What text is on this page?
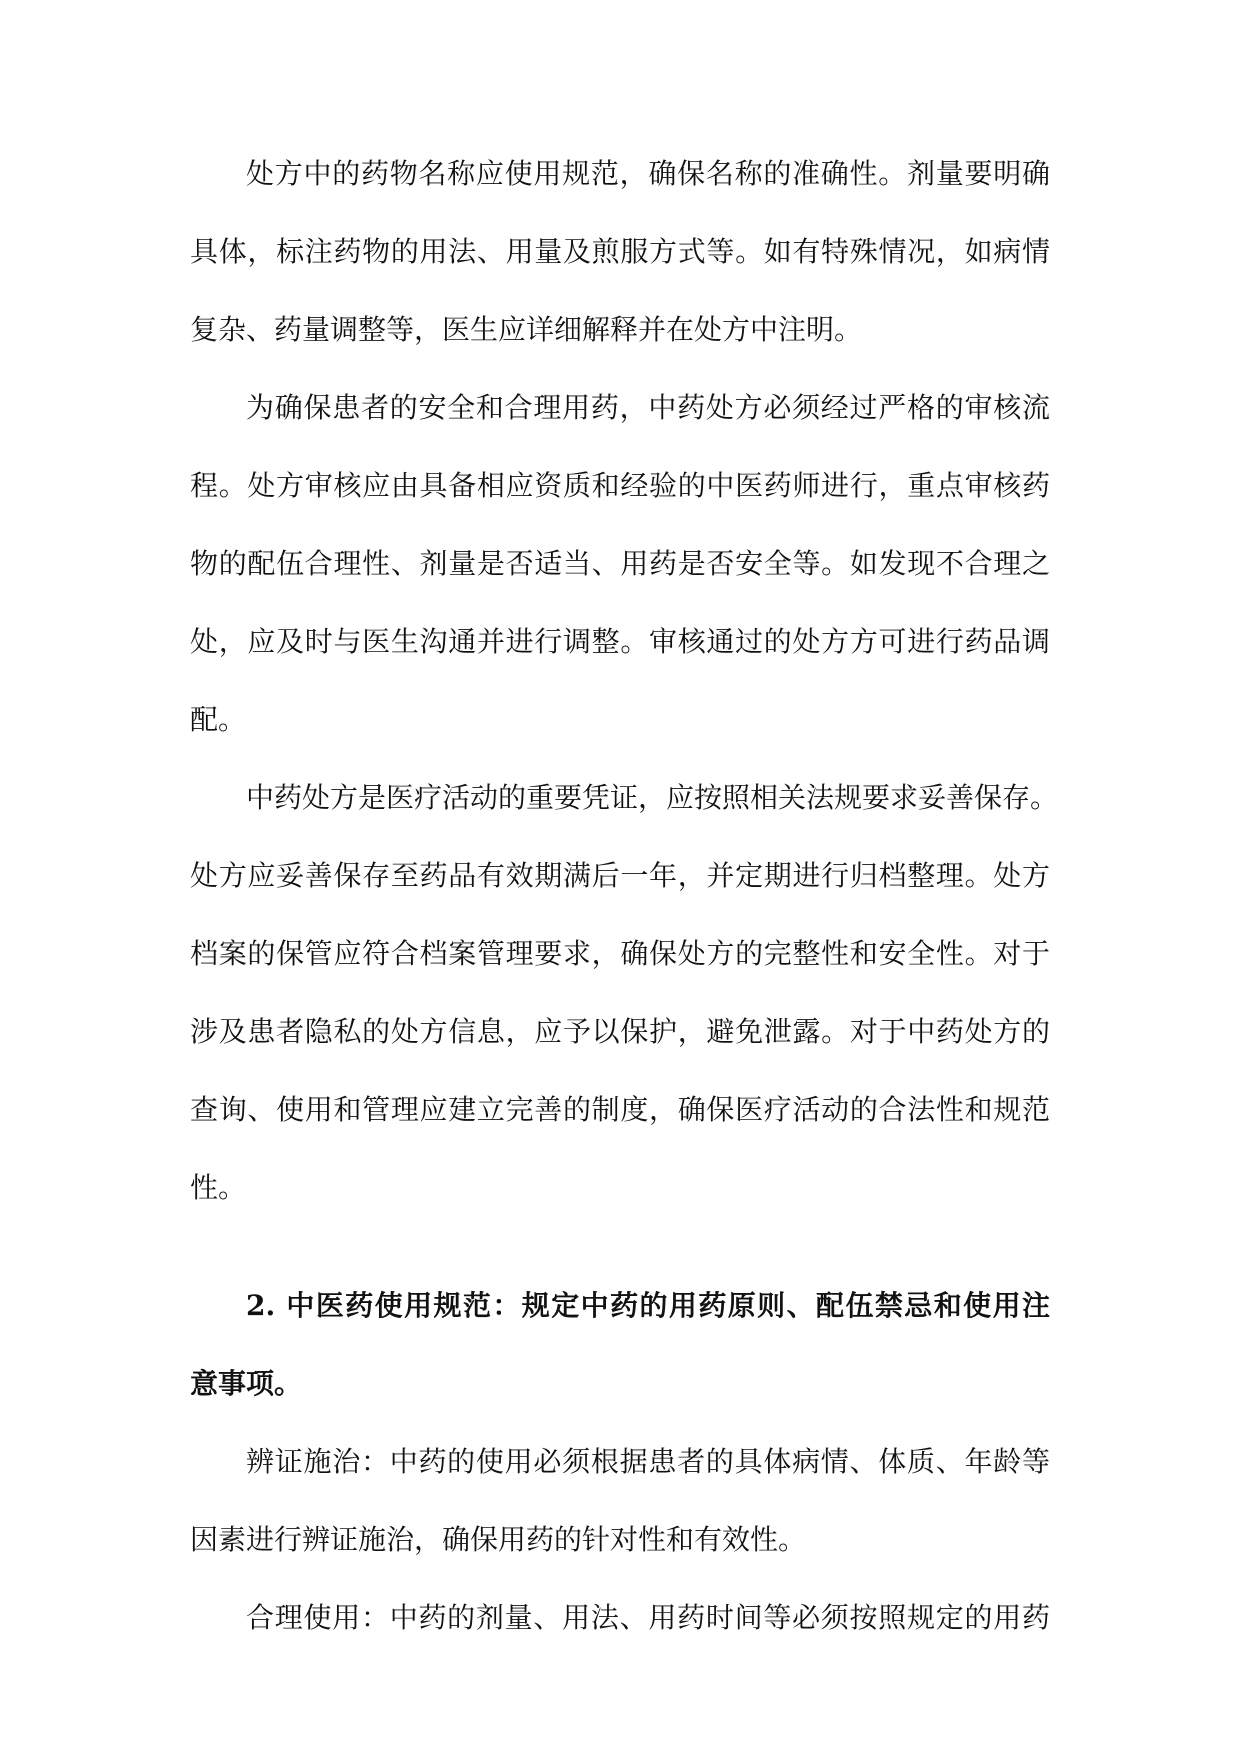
处方中的药物名称应使用规范，确保名称的准确性。剂量要明确
具体，标注药物的用法、用量及煎服方式等。如有特殊情况，如病情
复杂、药量调整等，医生应详细解释并在处方中注明。
为确保患者的安全和合理用药，中药处方必须经过严格的审核流
程。处方审核应由具备相应资质和经验的中医药师进行，重点审核药
物的配伍合理性、剂量是否适当、用药是否安全等。如发现不合理之
处，应及时与医生沟通并进行调整。审核通过的处方方可进行药品调
配。
中药处方是医疗活动的重要凭证，应按照相关法规要求妥善保存。
处方应妥善保存至药品有效期满后一年，并定期进行归档整理。处方
档案的保管应符合档案管理要求，确保处方的完整性和安全性。对于
涉及患者隐私的处方信息，应予以保护，避免泄露。对于中药处方的
查询、使用和管理应建立完善的制度，确保医疗活动的合法性和规范
性。
2. 中医药使用规范：规定中药的用药原则、配伍禁忌和使用注
意事项。
辨证施治：中药的使用必须根据患者的具体病情、体质、年龄等
因素进行辨证施治，确保用药的针对性和有效性。
合理使用：中药的剂量、用法、用药时间等必须按照规定的用药
